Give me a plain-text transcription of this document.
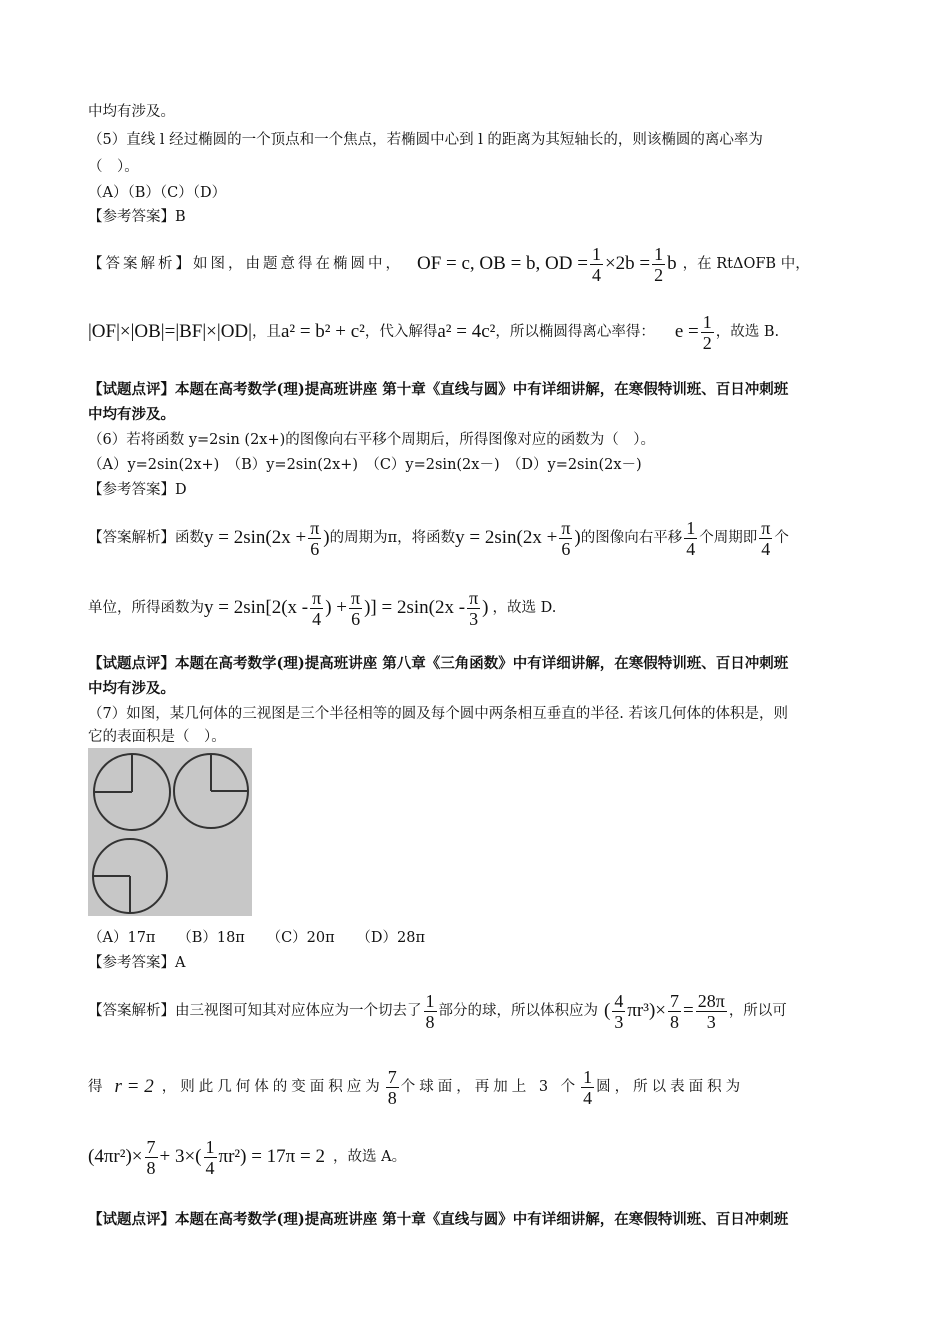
中均有涉及。
（5）直线 l 经过椭圆的一个顶点和一个焦点，若椭圆中心到 l 的距离为其短轴长的，则该椭圆的离心率为
（　）。
（A）（B）（C）（D）
【参考答案】B
【答案解析】如图，由题意得在椭圆中， OF = c, OB = b, OD = $\frac{1}{4} \times 2b = \frac{1}{2}$ b ，在 RtΔOFB 中，
|OF|×|OB|=|BF|×|OD| ，且 a² = b² + c² ，代入解得 a² = 4c² ，所以椭圆得离心率得： $e = \frac{1}{2}$ ，故选 B.
【试题点评】本题在高考数学(理)提高班讲座 第十章《直线与圆》中有详细讲解，在寒假特训班、百日冲刺班
中均有涉及。
（6）若将函数 y=2sin (2x+)的图像向右平移个周期后，所得图像对应的函数为（　）。
（A）y=2sin(2x+)　（B）y=2sin(2x+)　（C）y=2sin(2x－)　（D）y=2sin(2x－)
【参考答案】D
【答案解析】函数 $y = 2\sin(2x + \frac{\pi}{6}$ ) 的周期为π，将函数 $y = 2\sin(2x + \frac{\pi}{6}$ ) 的图像向右平移 $\frac{1}{4}$ 个周期即 $\frac{\pi}{4}$ 个
单位，所得函数为 $y = 2\sin[2(x - \frac{\pi}{4}$ ) + $\frac{\pi}{6}$ )] = $2\sin(2x - \frac{\pi}{3}$ ) ，故选 D.
【试题点评】本题在高考数学(理)提高班讲座 第八章《三角函数》中有详细讲解，在寒假特训班、百日冲刺班
中均有涉及。
（7）如图，某几何体的三视图是三个半径相等的圆及每个圆中两条相互垂直的半径. 若该几何体的体积是，则
它的表面积是（　）。
（A）17π　　（B）18π　　（C）20π　　（D）28π
【参考答案】A
【答案解析】由三视图可知其对应体应为一个切去了 $\frac{1}{8}$ 部分的球，所以体积应为 ( $\frac{4}{3} \pi r^3)\times \frac{7}{8} = \frac{28\pi}{3}$ ，所以可
得 r = 2 ，则此几何体的变面积应为 $\frac{7}{8}$ 个球面，再加上 3 个 $\frac{1}{4}$ 圆，所以表面积为
$(4\pi r^2)\times \frac{7}{8} + 3\times( \frac{1}{4} \pi r^2) = 17\pi = 2$ ，故选 A。
【试题点评】本题在高考数学(理)提高班讲座 第十章《直线与圆》中有详细讲解，在寒假特训班、百日冲刺班
